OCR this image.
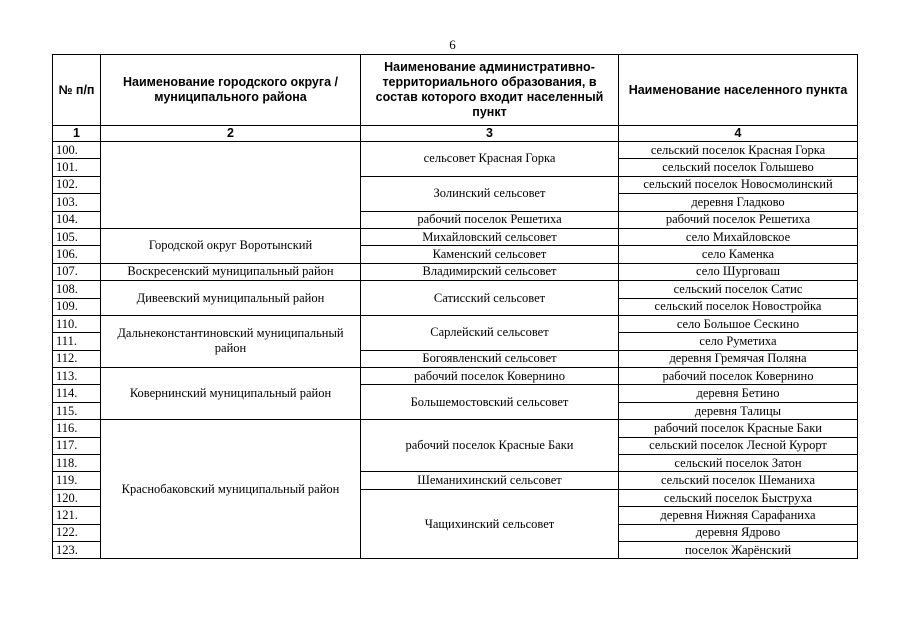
6
№ п/п	Наименование городского округа / муниципального района	Наименование административно-территориального образования, в состав которого входит населенный пункт	Наименование населенного пункта
1	2	3	4
100.		сельсовет Красная Горка	сельский поселок Красная Горка
101.			сельский поселок Голышево
102.		Золинский сельсовет	сельский поселок Новосмолинский
103.			деревня Гладково
104.		рабочий поселок Решетиха	рабочий поселок Решетиха
105.	Городской округ Воротынский	Михайловский сельсовет	село Михайловское
106.		Каменский сельсовет	село Каменка
107.	Воскресенский муниципальный район	Владимирский сельсовет	село Шурговаш
108.	Дивеевский муниципальный район	Сатисский сельсовет	сельский поселок Сатис
109.			сельский поселок Новостройка
110.	Дальнеконстантиновский муниципальный район	Сарлейский сельсовет	село Большое Сескино
111.			село Руметиха
112.		Богоявленский сельсовет	деревня Гремячая Поляна
113.	Ковернинский муниципальный район	рабочий поселок Ковернино	рабочий поселок Ковернино
114.		Большемостовский сельсовет	деревня Бетино
115.			деревня Талицы
116.	Краснобаковский муниципальный район	рабочий поселок Красные Баки	рабочий поселок Красные Баки
117.			сельский поселок Лесной Курорт
118.			сельский поселок Затон
119.		Шеманихинский сельсовет	сельский поселок Шеманиха
120.		Чащихинский сельсовет	сельский поселок Быструха
121.			деревня Нижняя Сарафаниха
122.			деревня Ядрово
123.			поселок Жарёнский
